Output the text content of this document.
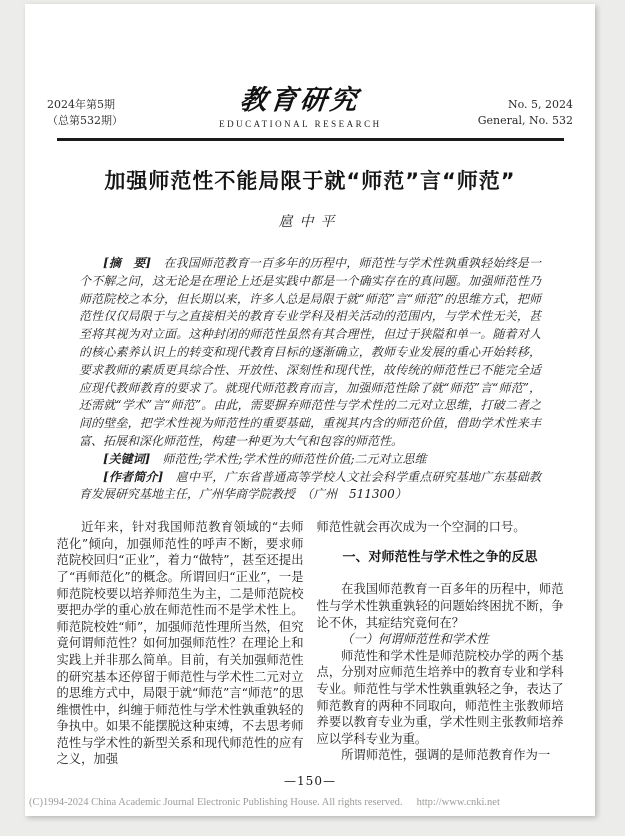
2024年第5期
（总第532期）
教育研究
EDUCATIONAL RESEARCH
No. 5, 2024
General, No. 532
加强师范性不能局限于就“师范”言“师范”
扈中平

[摘　要]　在我国师范教育一百多年的历程中，师范性与学术性孰重孰轻始终是一个不解之问，这无论是在理论上还是实践中都是一个确实存在的真问题。加强师范性乃师范院校之本分，但长期以来，许多人总是局限于就“师范”言“师范”的思维方式，把师范性仅仅局限于与之直接相关的教育专业学科及相关活动的范围内，与学术性无关，甚至将其视为对立面。这种封闭的师范性虽然有其合理性，但过于狭隘和单一。随着对人的核心素养认识上的转变和现代教育目标的逐渐确立，教师专业发展的重心开始转移，要求教师的素质更具综合性、开放性、深刻性和现代性，故传统的师范性已不能完全适应现代教师教育的要求了。就现代师范教育而言，加强师范性除了就“师范”言“师范”，还需就“学术”言“师范”。由此，需要摒弃师范性与学术性的二元对立思维，打破二者之间的壁垒，把学术性视为师范性的重要基础，重视其内含的师范价值，借助学术性来丰富、拓展和深化师范性，构建一种更为大气和包容的师范性。

[关键词]　师范性;学术性;学术性的师范性价值;二元对立思维

[作者简介]　扈中平，广东省普通高等学校人文社会科学重点研究基地广东基础教育发展研究基地主任，广州华商学院教授　（广州　511300）

近年来，针对我国师范教育领域的“去师范化”倾向，加强师范性的呼声不断，要求师范院校回归“正业”，着力“做特”，甚至还提出了“再师范化”的概念。所谓回归“正业”，一是师范院校要以培养师范生为主，二是师范院校要把办学的重心放在师范性而不是学术性上。师范院校姓“师”，加强师范性理所当然，但究竟何谓师范性？如何加强师范性？在理论上和实践上并非那么简单。目前，有关加强师范性的研究基本还停留于师范性与学术性二元对立的思维方式中，局限于就“师范”言“师范”的思维惯性中，纠缠于师范性与学术性孰重孰轻的争执中。如果不能摆脱这种束缚，不去思考师范性与学术性的新型关系和现代师范性的应有之义，加强

师范性就会再次成为一个空洞的口号。

一、对师范性与学术性之争的反思

在我国师范教育一百多年的历程中，师范性与学术性孰重孰轻的问题始终困扰不断，争论不休，其症结究竟何在？

（一）何谓师范性和学术性

师范性和学术性是师范院校办学的两个基点，分别对应师范生培养中的教育专业和学科专业。师范性与学术性孰重孰轻之争，表达了师范教育的两种不同取向，师范性主张教师培养要以教育专业为重，学术性则主张教师培养应以学科专业为重。

所谓师范性，强调的是师范教育作为一

—150—
(C)1994-2024 China Academic Journal Electronic Publishing House. All rights reserved. http://www.cnki.net
